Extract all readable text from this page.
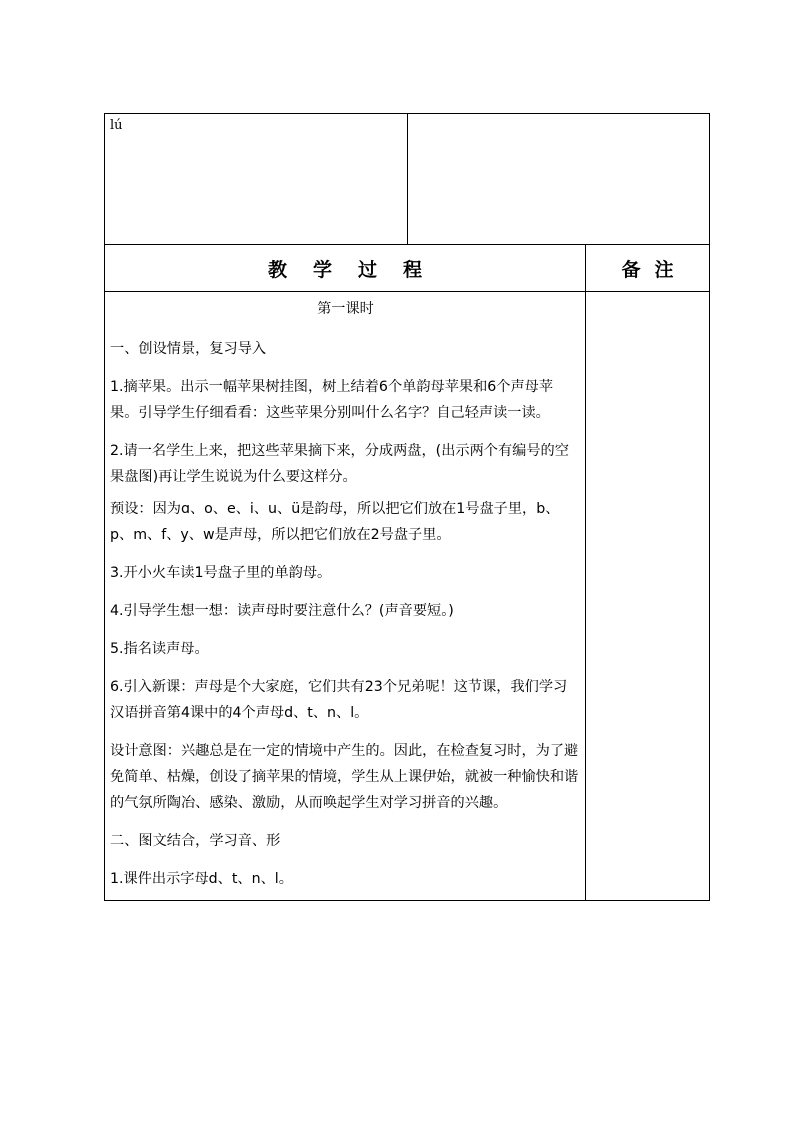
lú		
教学过程		备注

第一课时

一、创设情景，复习导入

1.摘苹果。出示一幅苹果树挂图，树上结着6个单韵母苹果和6个声母苹果。引导学生仔细看看：这些苹果分别叫什么名字？自己轻声读一读。

2.请一名学生上来，把这些苹果摘下来，分成两盘，(出示两个有编号的空果盘图)再让学生说说为什么要这样分。

预设：因为ɑ、o、e、i、u、ü是韵母，所以把它们放在1号盘子里，b、p、m、f、y、w是声母，所以把它们放在2号盘子里。

3.开小火车读1号盘子里的单韵母。

4.引导学生想一想：读声母时要注意什么？(声音要短。)

5.指名读声母。

6.引入新课：声母是个大家庭，它们共有23个兄弟呢！这节课，我们学习汉语拼音第4课中的4个声母d、t、n、l。

设计意图：兴趣总是在一定的情境中产生的。因此，在检查复习时，为了避免简单、枯燥，创设了摘苹果的情境，学生从上课伊始，就被一种愉快和谐的气氛所陶冶、感染、激励，从而唤起学生对学习拼音的兴趣。

二、图文结合，学习音、形

1.课件出示字母d、t、n、l。
